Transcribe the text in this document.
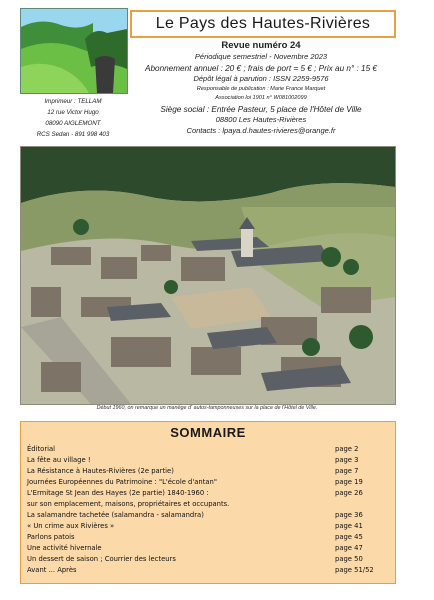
Le Pays des Hautes-Rivières
Revue numéro 24
Périodique semestriel - Novembre 2023
Abonnement annuel : 20 € ; frais de port = 5 € ; Prix au n° : 15 €
Dépôt légal à parution : ISSN 2259-9576
Responsable de publication : Marie France Marquet
Association loi 1901 n° W081002099
Siège social : Entrée Pasteur, 5 place de l'Hôtel de Ville
08800 Les Hautes-Rivières
Contacts : lpaya.d.hautes-rivieres@orange.fr
Imprimeur : TELLAM
12 rue Victor Hugo
08090 AIGLEMONT
RCS Sedan - 891 998 403
Début 1960, on remarque un manège d' autos-tamponneuses sur la place de l'Hôtel de Ville.
SOMMAIRE
Éditorial	page 2
La fête au village !	page 3
La Résistance à Hautes-Rivières (2e partie)	page 7
Journées Européennes du Patrimoine : "L'école d'antan"	page 19
L'Ermitage St Jean des Hayes (2e partie) 1840-1960 :	page 26
sur son emplacement, maisons, propriétaires et occupants.
La salamandre tachetée (salamandra - salamandra)	page 36
« Un crime aux Rivières »	page 41
Parlons patois	page 45
Une activité hivernale	page 47
Un dessert de saison ; Courrier des lecteurs	page 50
Avant ... Après	page 51/52
